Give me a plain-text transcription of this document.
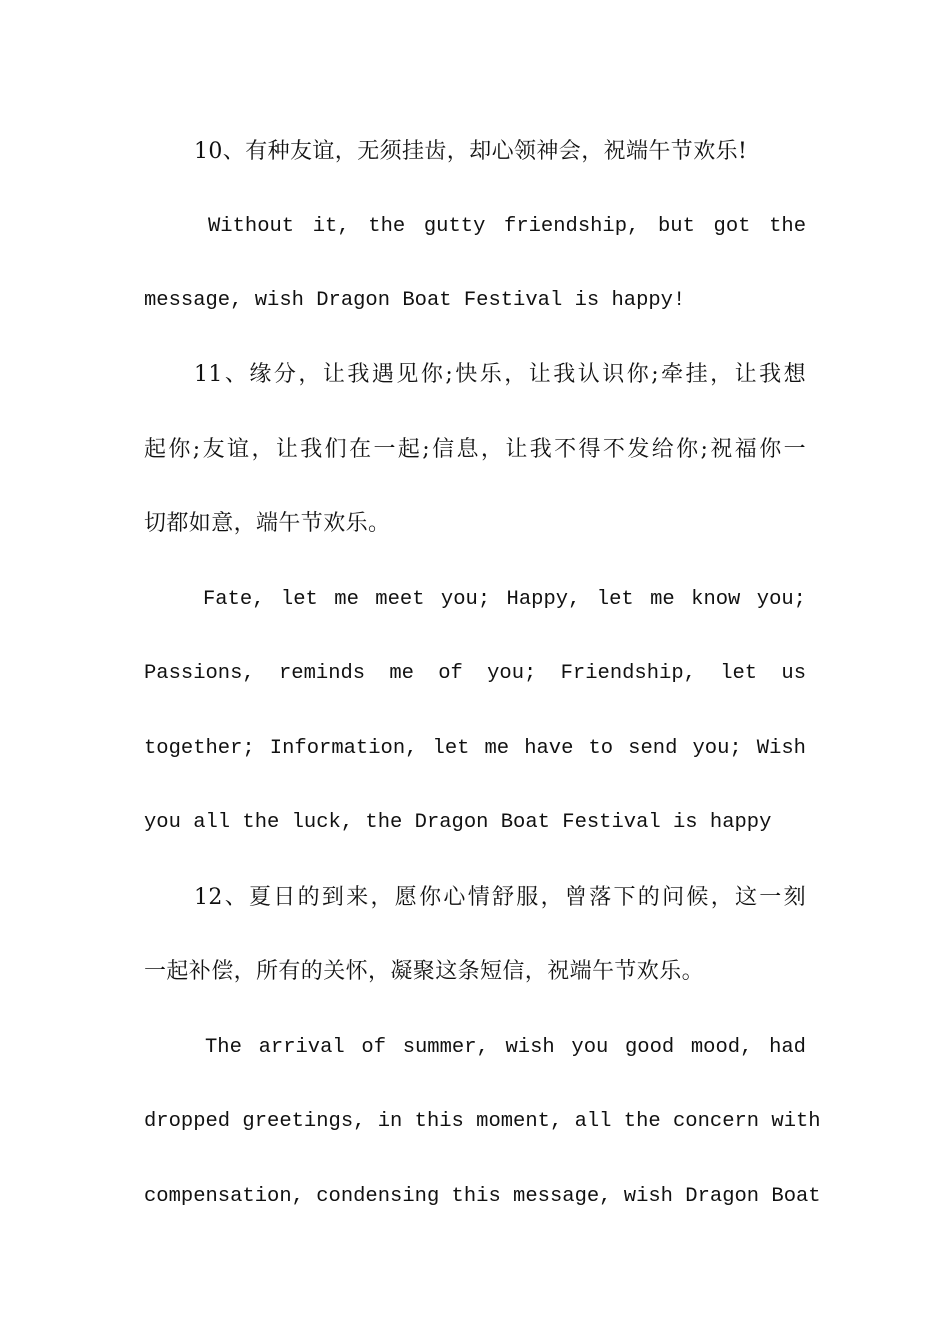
10、有种友谊，无须挂齿，却心领神会，祝端午节欢乐!
Without it, the gutty friendship, but got the
message, wish Dragon Boat Festival is happy!
11、缘分，让我遇见你;快乐，让我认识你;牵挂，让我想
起你;友谊，让我们在一起;信息，让我不得不发给你;祝福你一
切都如意，端午节欢乐。
Fate, let me meet you; Happy, let me know you;
Passions, reminds me of you; Friendship, let us
together; Information, let me have to send you; Wish
you all the luck, the Dragon Boat Festival is happy
12、夏日的到来，愿你心情舒服，曾落下的问候，这一刻
一起补偿，所有的关怀，凝聚这条短信，祝端午节欢乐。
The arrival of summer, wish you good mood, had
dropped greetings, in this moment, all the concern with
compensation, condensing this message, wish Dragon Boat
